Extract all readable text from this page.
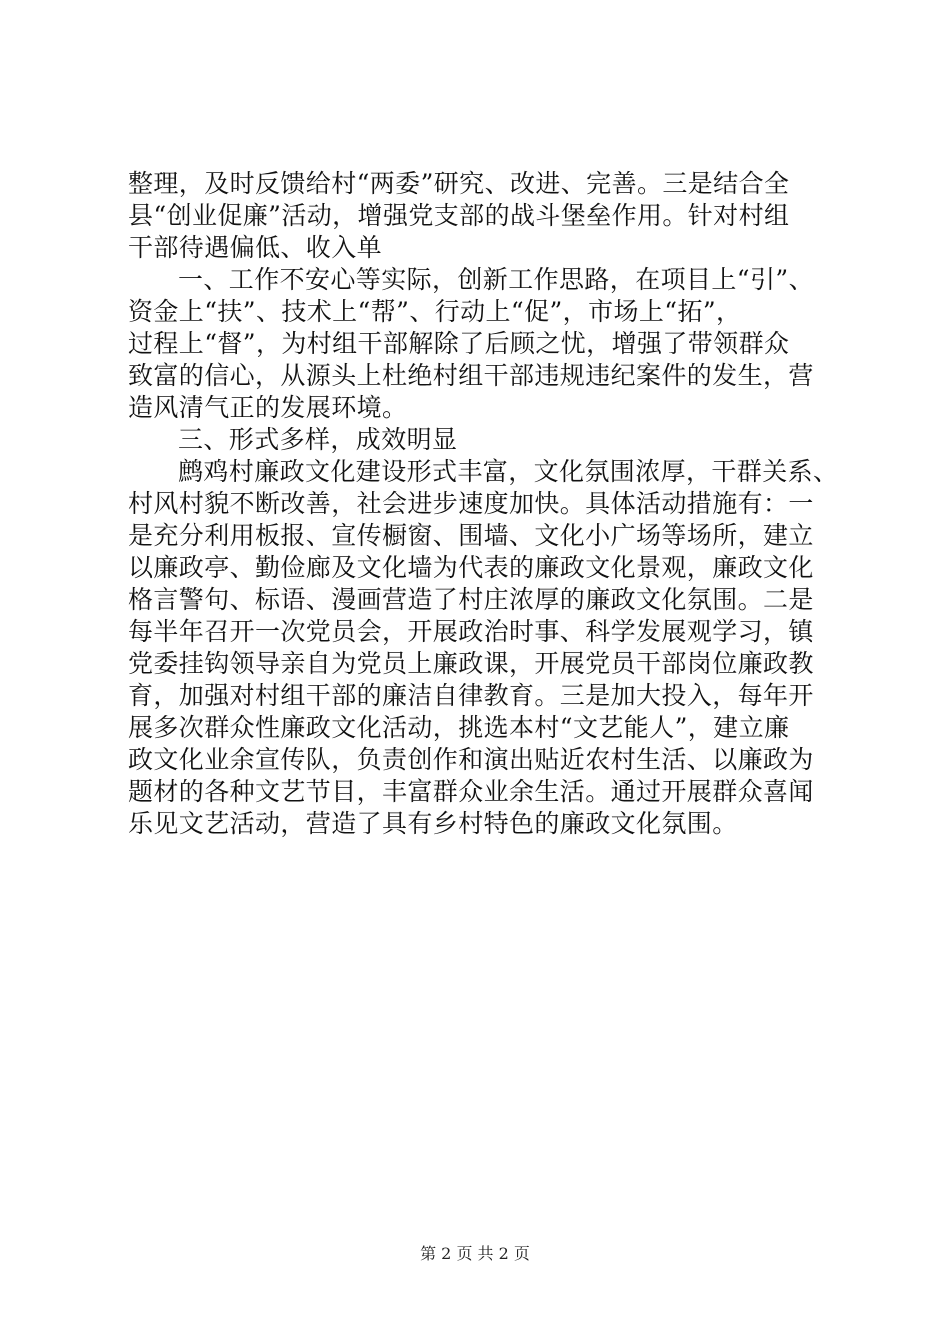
整理，及时反馈给村“两委”研究、改进、完善。三是结合全
县“创业促廉”活动，增强党支部的战斗堡垒作用。针对村组
干部待遇偏低、收入单
一、工作不安心等实际，创新工作思路，在项目上“引”、
资金上“扶”、技术上“帮”、行动上“促”，市场上“拓”，
过程上“督”，为村组干部解除了后顾之忧，增强了带领群众
致富的信心，从源头上杜绝村组干部违规违纪案件的发生，营
造风清气正的发展环境。
三、形式多样，成效明显
鹧鸡村廉政文化建设形式丰富，文化氛围浓厚，干群关系、
村风村貌不断改善，社会进步速度加快。具体活动措施有：一
是充分利用板报、宣传橱窗、围墙、文化小广场等场所，建立
以廉政亭、勤俭廊及文化墙为代表的廉政文化景观，廉政文化
格言警句、标语、漫画营造了村庄浓厚的廉政文化氛围。二是
每半年召开一次党员会，开展政治时事、科学发展观学习，镇
党委挂钩领导亲自为党员上廉政课，开展党员干部岗位廉政教
育，加强对村组干部的廉洁自律教育。三是加大投入，每年开
展多次群众性廉政文化活动，挑选本村“文艺能人”，建立廉
政文化业余宣传队，负责创作和演出贴近农村生活、以廉政为
题材的各种文艺节目，丰富群众业余生活。通过开展群众喜闻
乐见文艺活动，营造了具有乡村特色的廉政文化氛围。
第 2 页 共 2 页
